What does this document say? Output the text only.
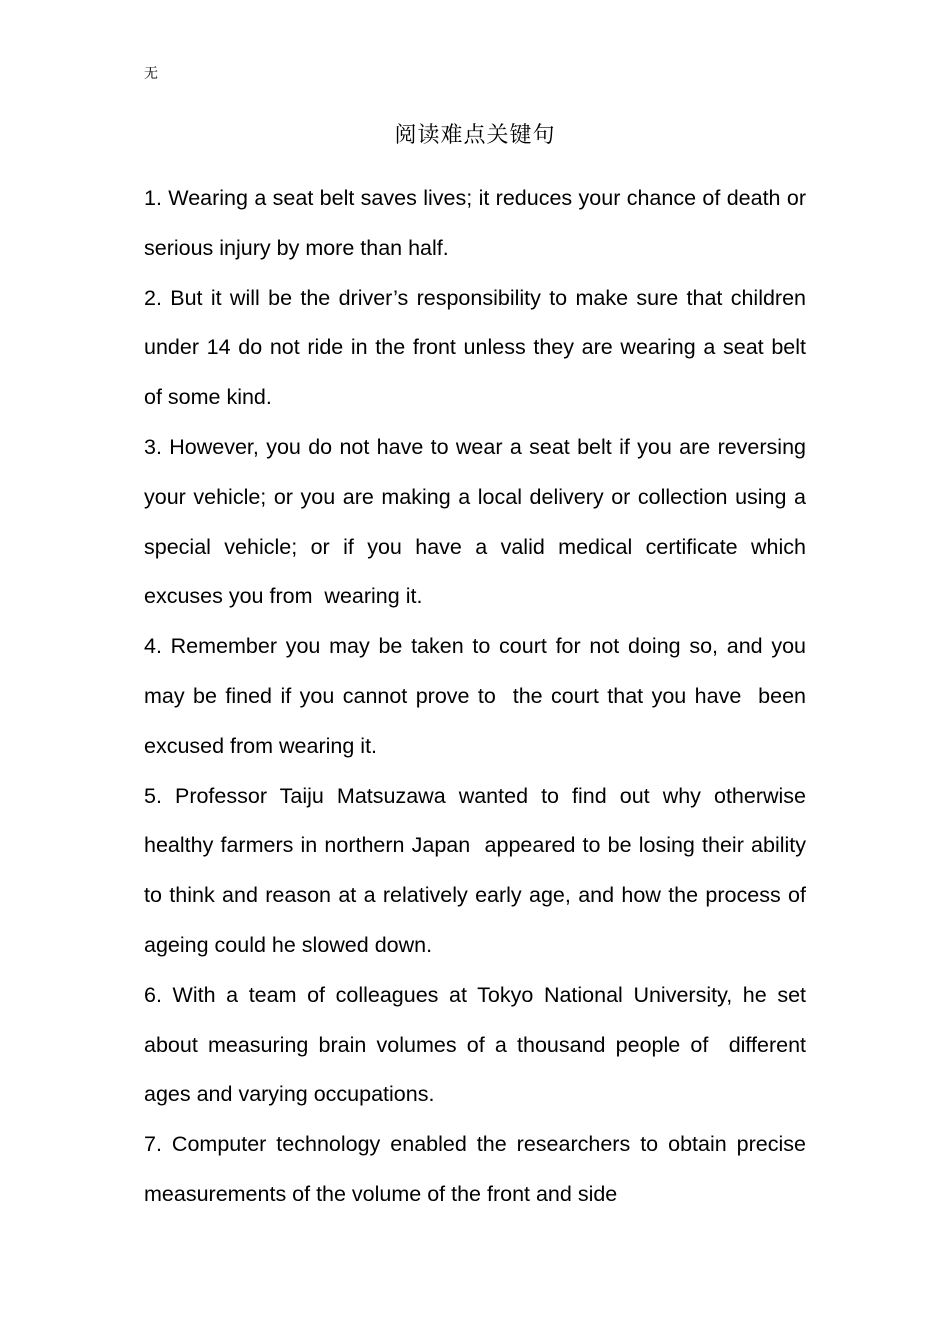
无
阅读难点关键句

1. Wearing a seat belt saves lives; it reduces your chance of death or serious injury by more than half.

2. But it will be the driver’s responsibility to make sure that children under 14 do not ride in the front unless they are wearing a seat belt of some kind.

3. However, you do not have to wear a seat belt if you are reversing your vehicle; or you are making a local delivery or collection using a special vehicle; or if you have a valid medical certificate which excuses you from  wearing it.

4. Remember you may be taken to court for not doing so, and you may be fined if you cannot prove to  the court that you have  been excused from wearing it.

5. Professor Taiju Matsuzawa wanted to find out why otherwise healthy farmers in northern Japan  appeared to be losing their ability to think and reason at a relatively early age, and how the process of ageing could he slowed down.

6. With a team of colleagues at Tokyo National University, he set about measuring brain volumes of a thousand people of  different ages and varying occupations.

7. Computer technology enabled the researchers to obtain precise measurements of the volume of the front and side
